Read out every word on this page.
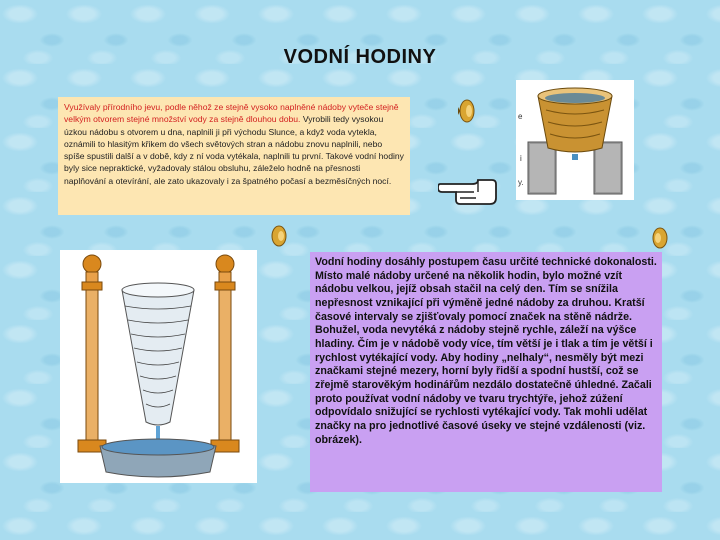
VODNÍ HODINY
Využívaly přírodního jevu, podle něhož ze stejně vysoko naplněné nádoby vyteče stejně velkým otvorem stejné množství vody za stejně dlouhou dobu. Vyrobili tedy vysokou úzkou nádobu s otvorem u dna, naplnili ji při východu Slunce, a když voda vytekla, oznámili to hlasitým křikem do všech světových stran a nádobu znovu naplnili, nebo spíše spustili další a v době, kdy z ní voda vytékala, naplnili tu první. Takové vodní hodiny byly sice nepraktické, vyžadovaly stálou obsluhu, záleželo hodně na přesnosti naplňování a otevírání, ale zato ukazovaly i za špatného počasí a bezměsíčných nocí.
e
i
y.
Vodní hodiny dosáhly postupem času určité technické dokonalosti. Místo malé nádoby určené na několik hodin, bylo možné vzít nádobu velkou, jejíž obsah stačil na celý den. Tím se snížila nepřesnost vznikající při výměně jedné nádoby za druhou. Kratší časové intervaly se zjišťovaly pomocí značek na stěně nádrže. Bohužel, voda nevytéká z nádoby stejně rychle, záleží na výšce hladiny. Čím je v nádobě vody více, tím větší je i tlak a tím je větší i rychlost vytékající vody. Aby hodiny „nelhaly“, nesměly být mezi značkami stejné mezery, horní byly řidší a spodní hustší, což se zřejmě starověkým hodinářům nezdálo dostatečně úhledné. Začali proto používat vodní nádoby ve tvaru trychtýře, jehož zúžení odpovídalo snižující se rychlosti vytékající vody. Tak mohli udělat značky na pro jednotlivé časové úseky ve stejné vzdálenosti (viz. obrázek).
